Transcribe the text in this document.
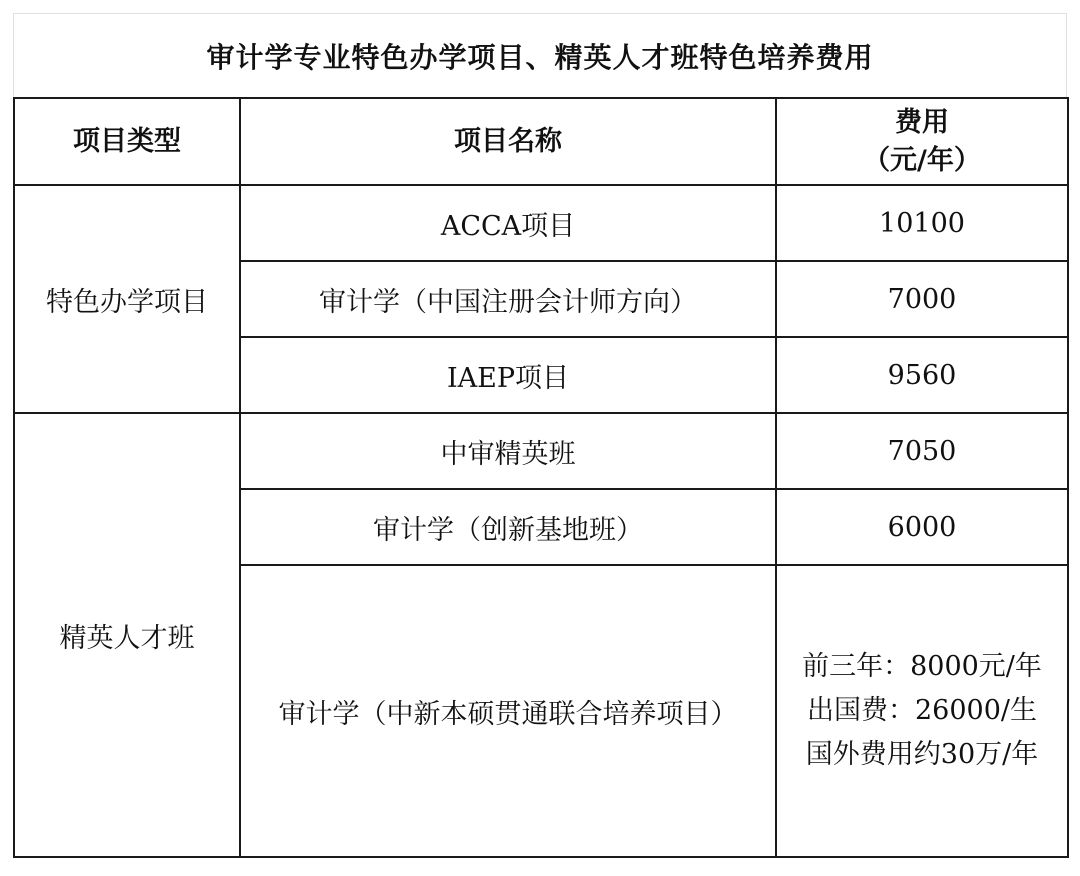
审计学专业特色办学项目、精英人才班特色培养费用
项目类型	项目名称	费用
（元/年）

特色办学项目	ACCA项目	10100
	审计学（中国注册会计师方向）	7000
	IAEP项目	9560
精英人才班	中审精英班	7050
	审计学（创新基地班）	6000
	审计学（中新本硕贯通联合培养项目）	前三年：8000元/年
出国费：26000/生
国外费用约30万/年
